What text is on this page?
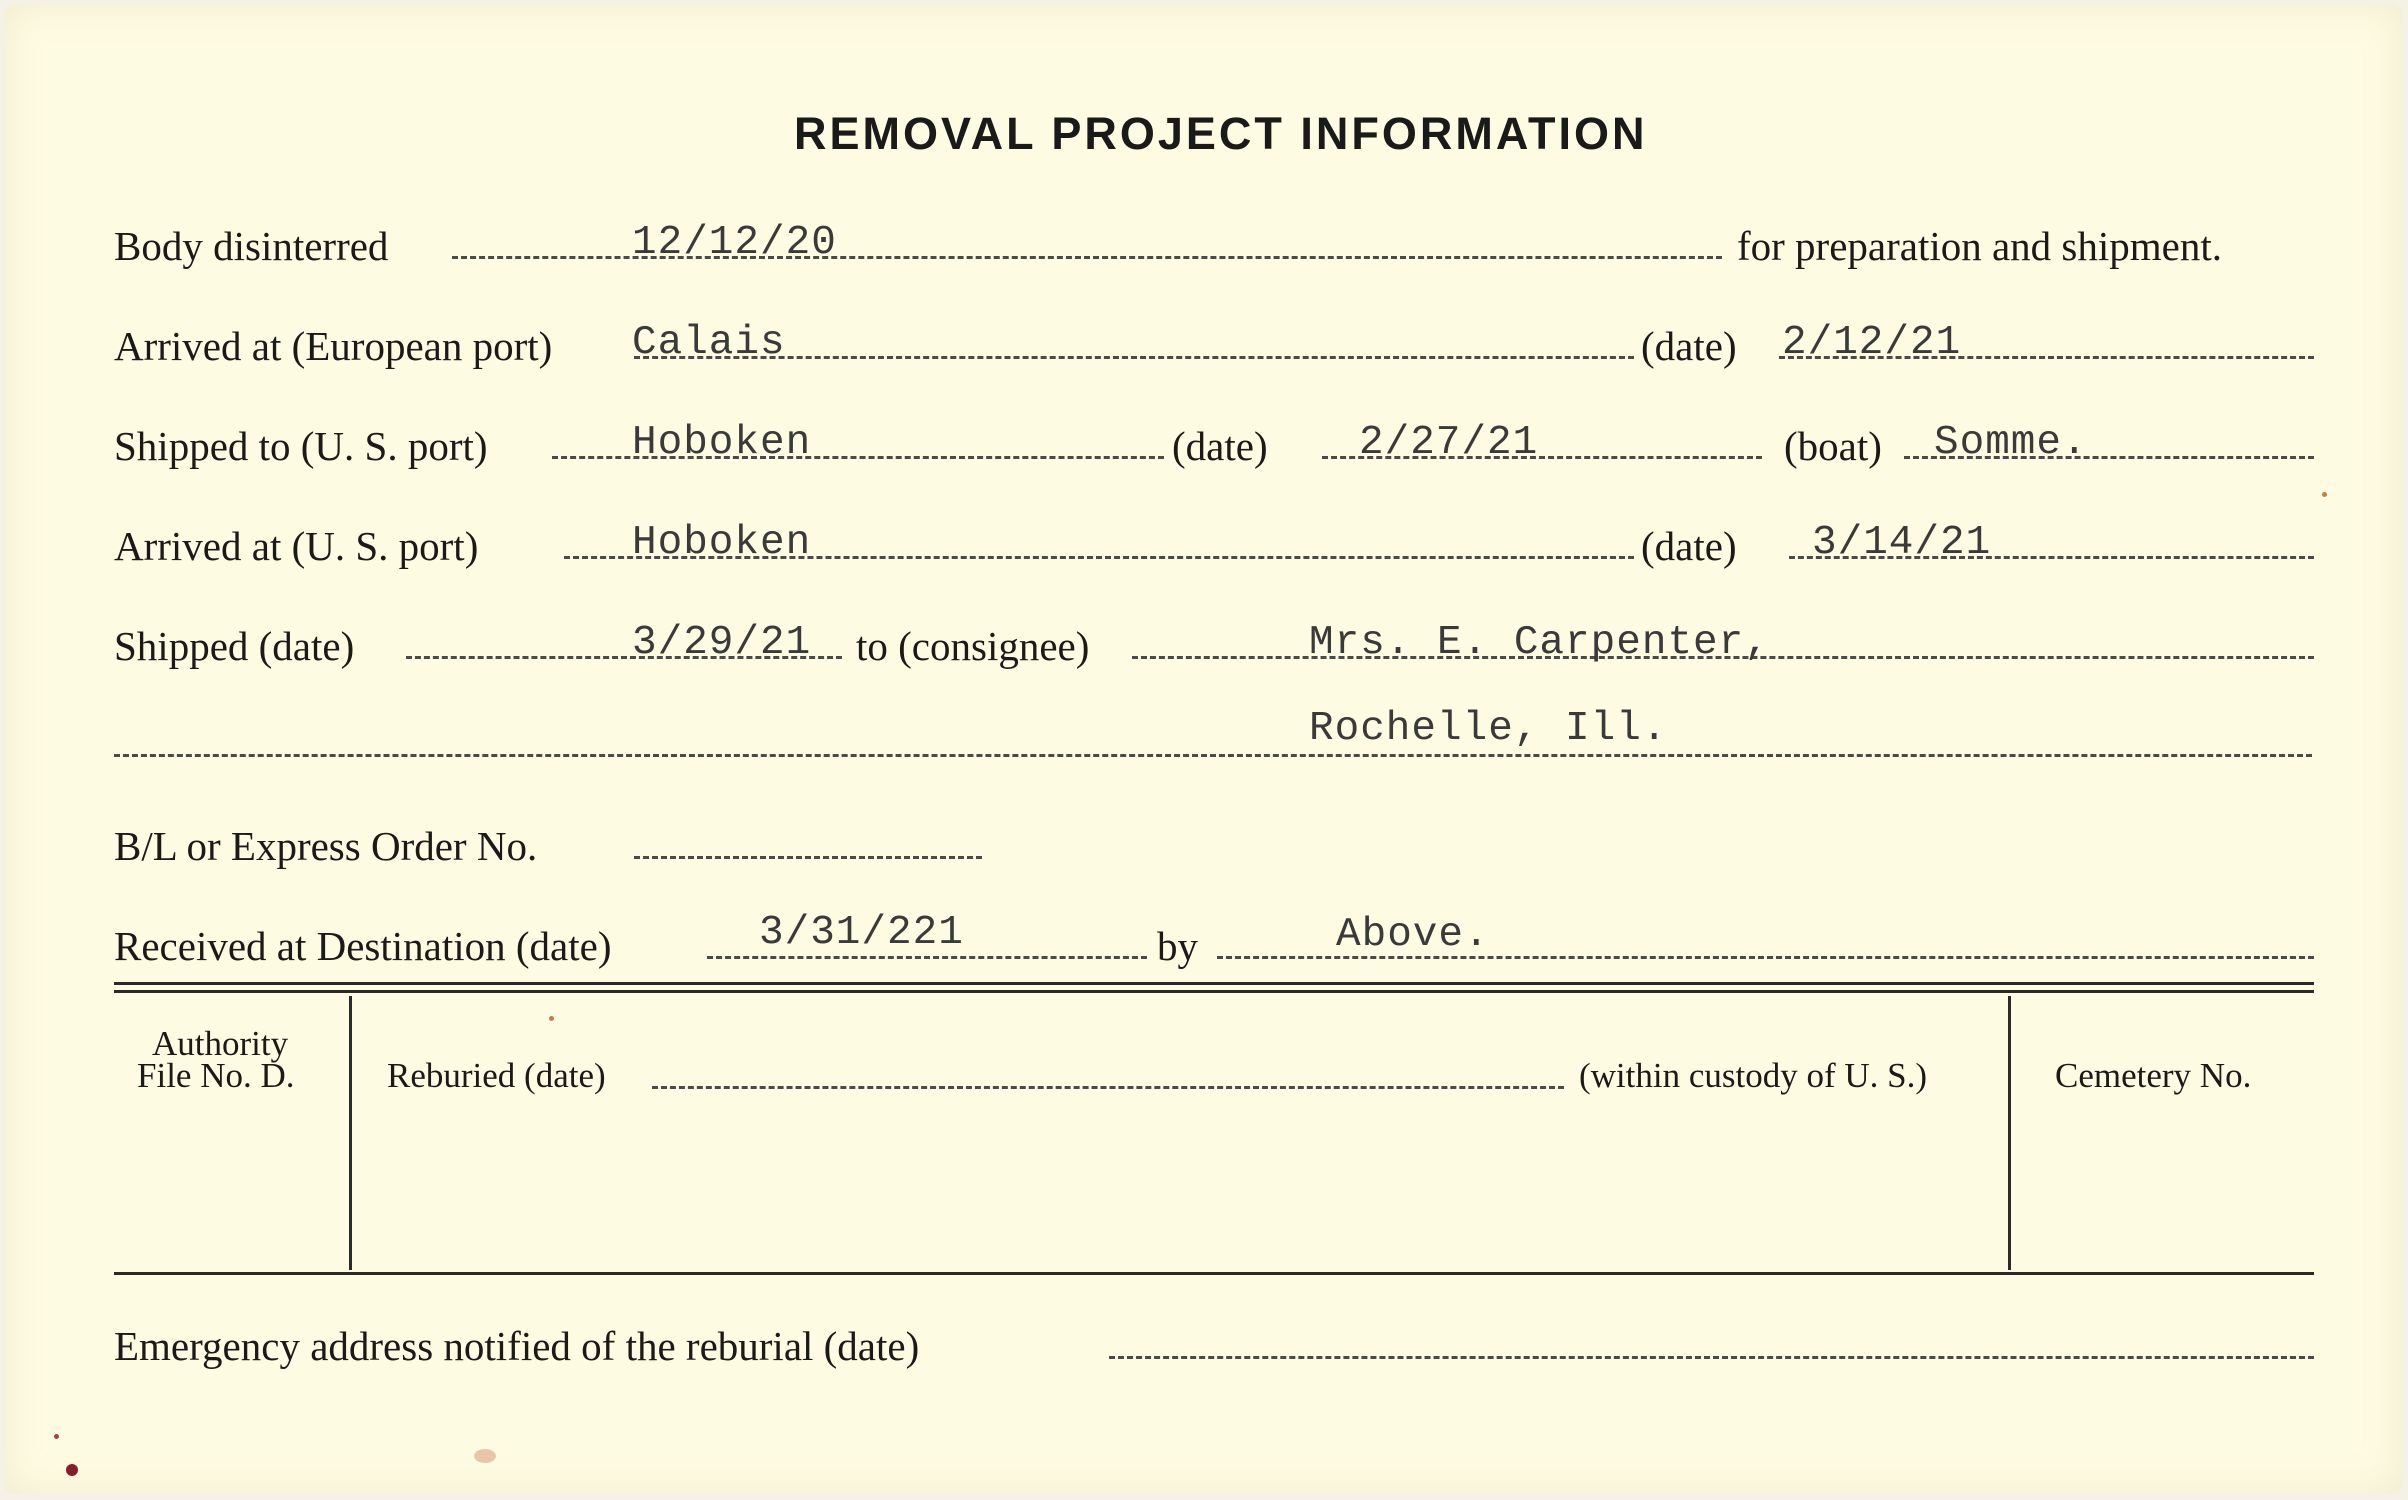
REMOVAL PROJECT INFORMATION
Body disinterred	12/12/20	for preparation and shipment.
Arrived at (European port) Calais	(date) 2/12/21
Shipped to (U. S. port)	Hoboken	(date) 2/27/21	(boat) Somme.
Arrived at (U. S. port)	Hoboken	(date) 3/14/21
Shipped (date)	3/29/21 to (consignee)	Mrs. E. Carpenter,
Rochelle, Ill.
B/L or Express Order No.
Received at Destination (date)	3/31/221	by	Above.
Authority
File No. D.	Reburied (date)	(within custody of U. S.)	Cemetery No.
Emergency address notified of the reburial (date)
